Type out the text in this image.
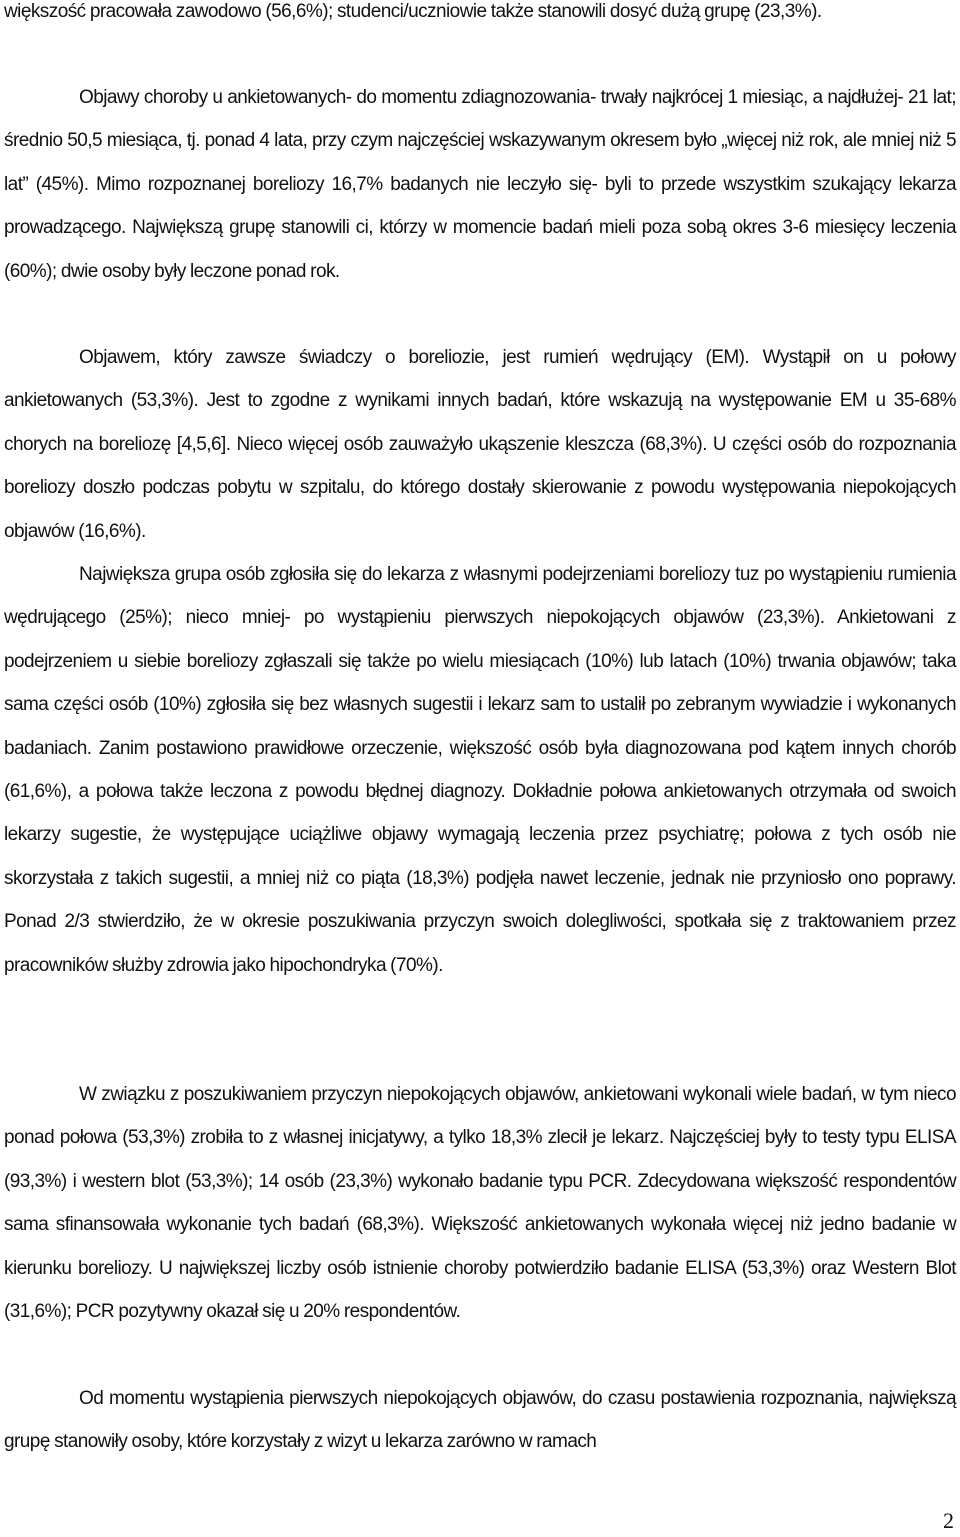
większość pracowała zawodowo (56,6%); studenci/uczniowie także stanowili dosyć dużą grupę (23,3%).

Objawy choroby u ankietowanych- do momentu zdiagnozowania- trwały najkrócej 1 miesiąc, a najdłużej- 21 lat; średnio 50,5 miesiąca, tj. ponad 4 lata, przy czym najczęściej wskazywanym okresem było „więcej niż rok, ale mniej niż 5 lat” (45%). Mimo rozpoznanej boreliozy 16,7% badanych nie leczyło się- byli to przede wszystkim szukający lekarza prowadzącego. Największą grupę stanowili ci, którzy w momencie badań mieli poza sobą okres 3-6 miesięcy leczenia (60%); dwie osoby były leczone ponad rok.

Objawem, który zawsze świadczy o boreliozie, jest rumień wędrujący (EM). Wystąpił on u połowy ankietowanych (53,3%). Jest to zgodne z wynikami innych badań, które wskazują na występowanie EM u 35-68% chorych na boreliozę [4,5,6]. Nieco więcej osób zauważyło ukąszenie kleszcza (68,3%). U części osób do rozpoznania boreliozy doszło podczas pobytu w szpitalu, do którego dostały skierowanie z powodu występowania niepokojących objawów (16,6%).

Największa grupa osób zgłosiła się do lekarza z własnymi podejrzeniami boreliozy tuz po wystąpieniu rumienia wędrującego (25%); nieco mniej- po wystąpieniu pierwszych niepokojących objawów (23,3%). Ankietowani z podejrzeniem u siebie boreliozy zgłaszali się także po wielu miesiącach (10%) lub latach (10%) trwania objawów; taka sama części osób (10%) zgłosiła się bez własnych sugestii i lekarz sam to ustalił po zebranym wywiadzie i wykonanych badaniach. Zanim postawiono prawidłowe orzeczenie, większość osób była diagnozowana pod kątem innych chorób (61,6%), a połowa także leczona z powodu błędnej diagnozy. Dokładnie połowa ankietowanych otrzymała od swoich lekarzy sugestie, że występujące uciążliwe objawy wymagają leczenia przez psychiatrę; połowa z tych osób nie skorzystała z takich sugestii, a mniej niż co piąta (18,3%) podjęła nawet leczenie, jednak nie przyniosło ono poprawy. Ponad 2/3 stwierdziło, że w okresie poszukiwania przyczyn swoich dolegliwości, spotkała się z traktowaniem przez pracowników służby zdrowia jako hipochondryka (70%).

W związku z poszukiwaniem przyczyn niepokojących objawów, ankietowani wykonali wiele badań, w tym nieco ponad połowa (53,3%) zrobiła to z własnej inicjatywy, a tylko 18,3% zlecił je lekarz. Najczęściej były to testy typu ELISA (93,3%) i western blot (53,3%); 14 osób (23,3%) wykonało badanie typu PCR. Zdecydowana większość respondentów sama sfinansowała wykonanie tych badań (68,3%). Większość ankietowanych wykonała więcej niż jedno badanie w kierunku boreliozy. U największej liczby osób istnienie choroby potwierdziło badanie ELISA (53,3%) oraz Western Blot (31,6%); PCR pozytywny okazał się u 20% respondentów.

Od momentu wystąpienia pierwszych niepokojących objawów, do czasu postawienia rozpoznania, największą grupę stanowiły osoby, które korzystały z wizyt u lekarza zarówno w ramach

2
